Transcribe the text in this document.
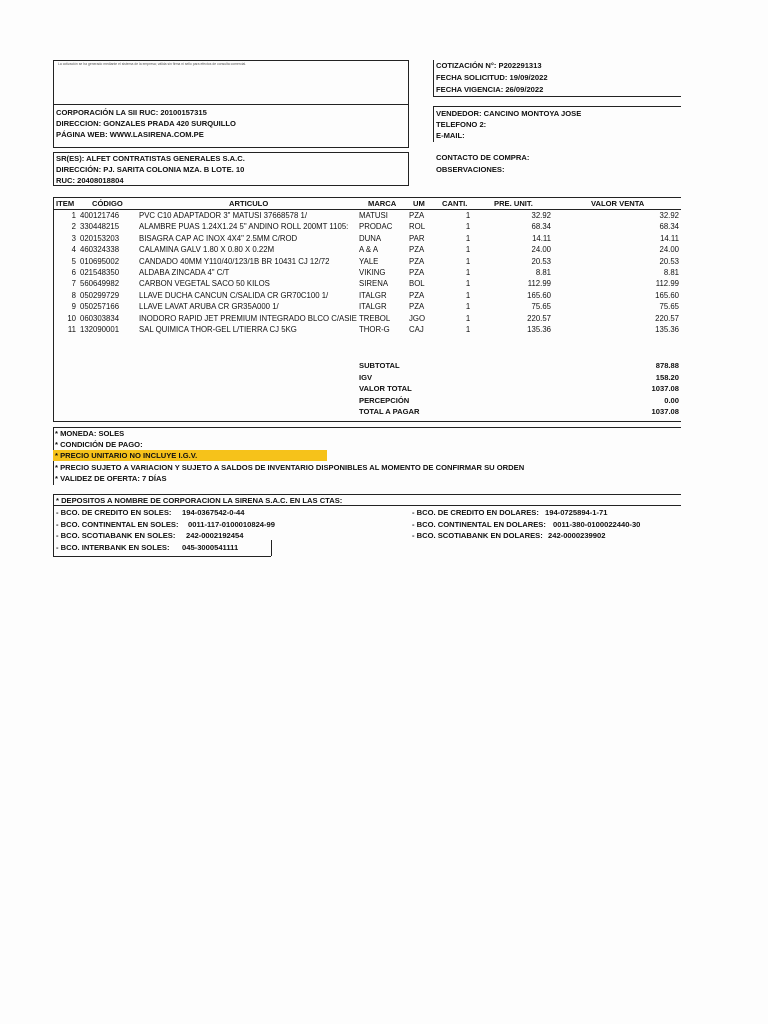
La cotización se ha generado mediante el sistema de la empresa; válida sin firma ni sello para efectos de consulta comercial.
CORPORACIÓN LA SII RUC: 20100157315
DIRECCION: GONZALES PRADA 420 SURQUILLO
PÁGINA WEB: WWW.LASIRENA.COM.PE
COTIZACIÓN N°: P202291313
FECHA SOLICITUD: 19/09/2022
FECHA VIGENCIA: 26/09/2022
VENDEDOR: CANCINO MONTOYA JOSE
TELEFONO 2:
E-MAIL:
SR(ES): ALFET CONTRATISTAS GENERALES S.A.C.
DIRECCIÓN: PJ. SARITA COLONIA MZA. B LOTE. 10
RUC: 20408018804
CONTACTO DE COMPRA:
OBSERVACIONES:
ITEM CÓDIGO	ARTICULO	MARCA UM CANTI.	PRE. UNIT.	VALOR VENTA
1 400121746	PVC C10 ADAPTADOR 3" MATUSI 37668578 1/	MATUSI	PZA	1	32.92	32.92
2 330448215	ALAMBRE PUAS 1.24X1.24 5" ANDINO ROLL 200MT 1105:	PRODAC	ROL	1	68.34	68.34
3 020153203	BISAGRA CAP AC INOX 4X4" 2.5MM C/ROD	DUNA	PAR	1	14.11	14.11
4 460324338	CALAMINA GALV 1.80 X 0.80 X 0.22M	A & A	PZA	1	24.00	24.00
5 010695002	CANDADO 40MM Y110/40/123/1B BR 10431 CJ 12/72	YALE	PZA	1	20.53	20.53
6 021548350	ALDABA ZINCADA 4" C/T	VIKING	PZA	1	8.81	8.81
7 560649982	CARBON VEGETAL SACO 50 KILOS	SIRENA	BOL	1	112.99	112.99
8 050299729	LLAVE DUCHA CANCUN C/SALIDA CR GR70C100 1/	ITALGR	PZA	1	165.60	165.60
9 050257166	LLAVE LAVAT ARUBA CR GR35A000 1/	ITALGR	PZA	1	75.65	75.65
10 060303834	INODORO RAPID JET PREMIUM INTEGRADO BLCO C/ASIE TREBOL	JGO	1	220.57	220.57
11 132090001	SAL QUIMICA THOR-GEL L/TIERRA CJ 5KG	THOR-G	CAJ	1	135.36	135.36
SUBTOTAL	878.88
IGV	158.20
VALOR TOTAL	1037.08
PERCEPCIÓN	0.00
TOTAL A PAGAR	1037.08
* MONEDA: SOLES
* CONDICIÓN DE PAGO:
* PRECIO UNITARIO NO INCLUYE I.G.V.
* PRECIO SUJETO A VARIACION Y SUJETO A SALDOS DE INVENTARIO DISPONIBLES AL MOMENTO DE CONFIRMAR SU ORDEN
* VALIDEZ DE OFERTA: 7 DÍAS
* DEPOSITOS A NOMBRE DE CORPORACION LA SIRENA S.A.C. EN LAS CTAS:
- BCO. DE CREDITO EN SOLES: 194-0367542-0-44
- BCO. CONTINENTAL EN SOLES: 0011-117-0100010824-99
- BCO. SCOTIABANK EN SOLES: 242-0002192454
- BCO. INTERBANK EN SOLES: 045-3000541111
- BCO. DE CREDITO EN DOLARES: 194-0725894-1-71
- BCO. CONTINENTAL EN DOLARES: 0011-380-0100022440-30
- BCO. SCOTIABANK EN DOLARES: 242-0000239902
